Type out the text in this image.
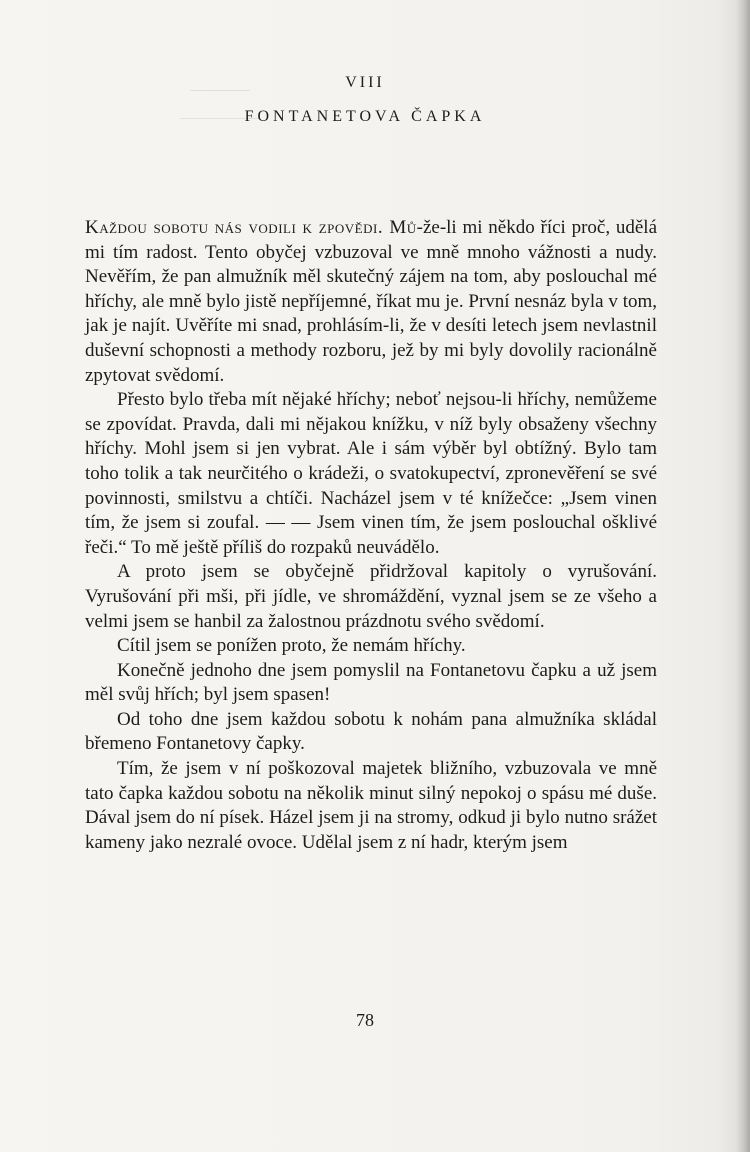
VIII
FONTANETOVA ČAPKA

Každou sobotu nás vodili k zpovědi. Mů‑že-li mi někdo říci proč, udělá mi tím radost. Tento obyčej vzbuzoval ve mně mnoho vážnosti a nudy. Nevěřím, že pan almužník měl skutečný zájem na tom, aby poslouchal mé hříchy, ale mně bylo jistě nepříjemné, říkat mu je. První nesnáz byla v tom, jak je najít. Uvěříte mi snad, prohlásím-li, že v desíti letech jsem nevlastnil duševní schopnosti a methody rozboru, jež by mi byly dovolily racionálně zpytovat svědomí.

Přesto bylo třeba mít nějaké hříchy; neboť nejsou-li hříchy, nemůžeme se zpovídat. Pravda, dali mi nějakou knížku, v níž byly obsaženy všechny hříchy. Mohl jsem si jen vybrat. Ale i sám výběr byl obtížný. Bylo tam toho tolik a tak neurčitého o krádeži, o svatokupectví, zpronevěření se své povinnosti, smilstvu a chtíči. Nacházel jsem v té knížečce: „Jsem vinen tím, že jsem si zoufal. — — Jsem vinen tím, že jsem poslouchal ošklivé řeči.“ To mě ještě příliš do rozpaků neuvádělo.

A proto jsem se obyčejně přidržoval kapitoly o vyrušování. Vyrušování při mši, při jídle, ve shromáždění, vyznal jsem se ze všeho a velmi jsem se hanbil za žalostnou prázdnotu svého svědomí.

Cítil jsem se ponížen proto, že nemám hříchy.

Konečně jednoho dne jsem pomyslil na Fontanetovu čapku a už jsem měl svůj hřích; byl jsem spasen!

Od toho dne jsem každou sobotu k nohám pana almužníka skládal břemeno Fontanetovy čapky.

Tím, že jsem v ní poškozoval majetek bližního, vzbuzovala ve mně tato čapka každou sobotu na několik minut silný nepokoj o spásu mé duše. Dával jsem do ní písek. Házel jsem ji na stromy, odkud ji bylo nutno srážet kameny jako nezralé ovoce. Udělal jsem z ní hadr, kterým jsem

78
